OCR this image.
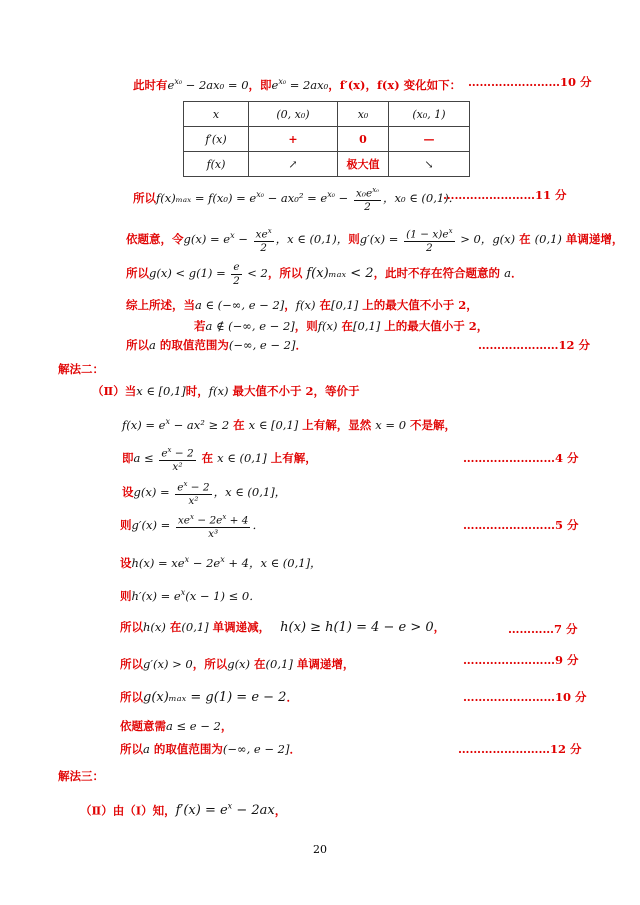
此时有$e^{x_0} - 2ax_0 = 0$，即$e^{x_0} = 2ax_0$，f′(x)，f(x) 变化如下： ……………………10 分
x	(0, x₀)	x₀	(x₀, 1)
f′(x)	+	0	—
f(x)	↗	极大值	↘
所以$f(x)_{max} = f(x_0) = e^{x_0} - ax_0^2 = e^{x_0} - \frac{x_0e^{x_0}}{2}$ ，x₀ ∈ (0,1)．
……………………11 分
依题意，令$g(x) = e^x - \frac{xe^x}{2}$ ，x ∈ (0,1)，则$g'(x) = \frac{(1 - x)e^x}{2} > 0$，g(x) 在 (0,1) 单调递增，
所以$g(x) < g(1) = \frac{e}{2} < 2$，所以 f(x)ₘₐₓ < 2，此时不存在符合题意的 a．
综上所述，当a ∈ (−∞, e − 2]，f(x) 在[0,1] 上的最大值不小于 2，
若a ∉ (−∞, e − 2]，则f(x) 在[0,1] 上的最大值小于 2，
所以a 的取值范围为(−∞, e − 2]．	…………………12 分
解法二：
（Ⅱ）当x ∈ [0,1]时，f(x) 最大值不小于 2，等价于
$f(x) = e^x - ax^2 \ge 2$ 在 x ∈ [0,1] 上有解，显然 x = 0 不是解，
即$a \le \frac{e^x - 2}{\text{x²}}$ 在 x ∈ (0,1] 上有解，	……………………4 分
设$g(x) = \frac{e^x - 2}{\text{x²}}$ ，x ∈ (0,1]，
则$g'(x) = \frac{xe^x - 2e^x + 4}{\text{x³}}$ ．	……………………5 分
设$h(x) = xe^x - 2e^x + 4$，x ∈ (0,1]，
则$h'(x) = e^x(x - 1) \le 0$．
所以h(x) 在(0,1] 单调递减， h(x) ≥ h(1) = 4 − e > 0，	…………7 分
所以g′(x) > 0，所以g(x) 在(0,1] 单调递增，	……………………9 分
所以g(x)ₘₐₓ = g(1) = e − 2．	……………………10 分
依题意需a ≤ e − 2，
所以a 的取值范围为(−∞, e − 2]．	……………………12 分
解法三：
（Ⅱ）由（Ⅰ）知，$f'(x) = e^x - 2ax$，
20
